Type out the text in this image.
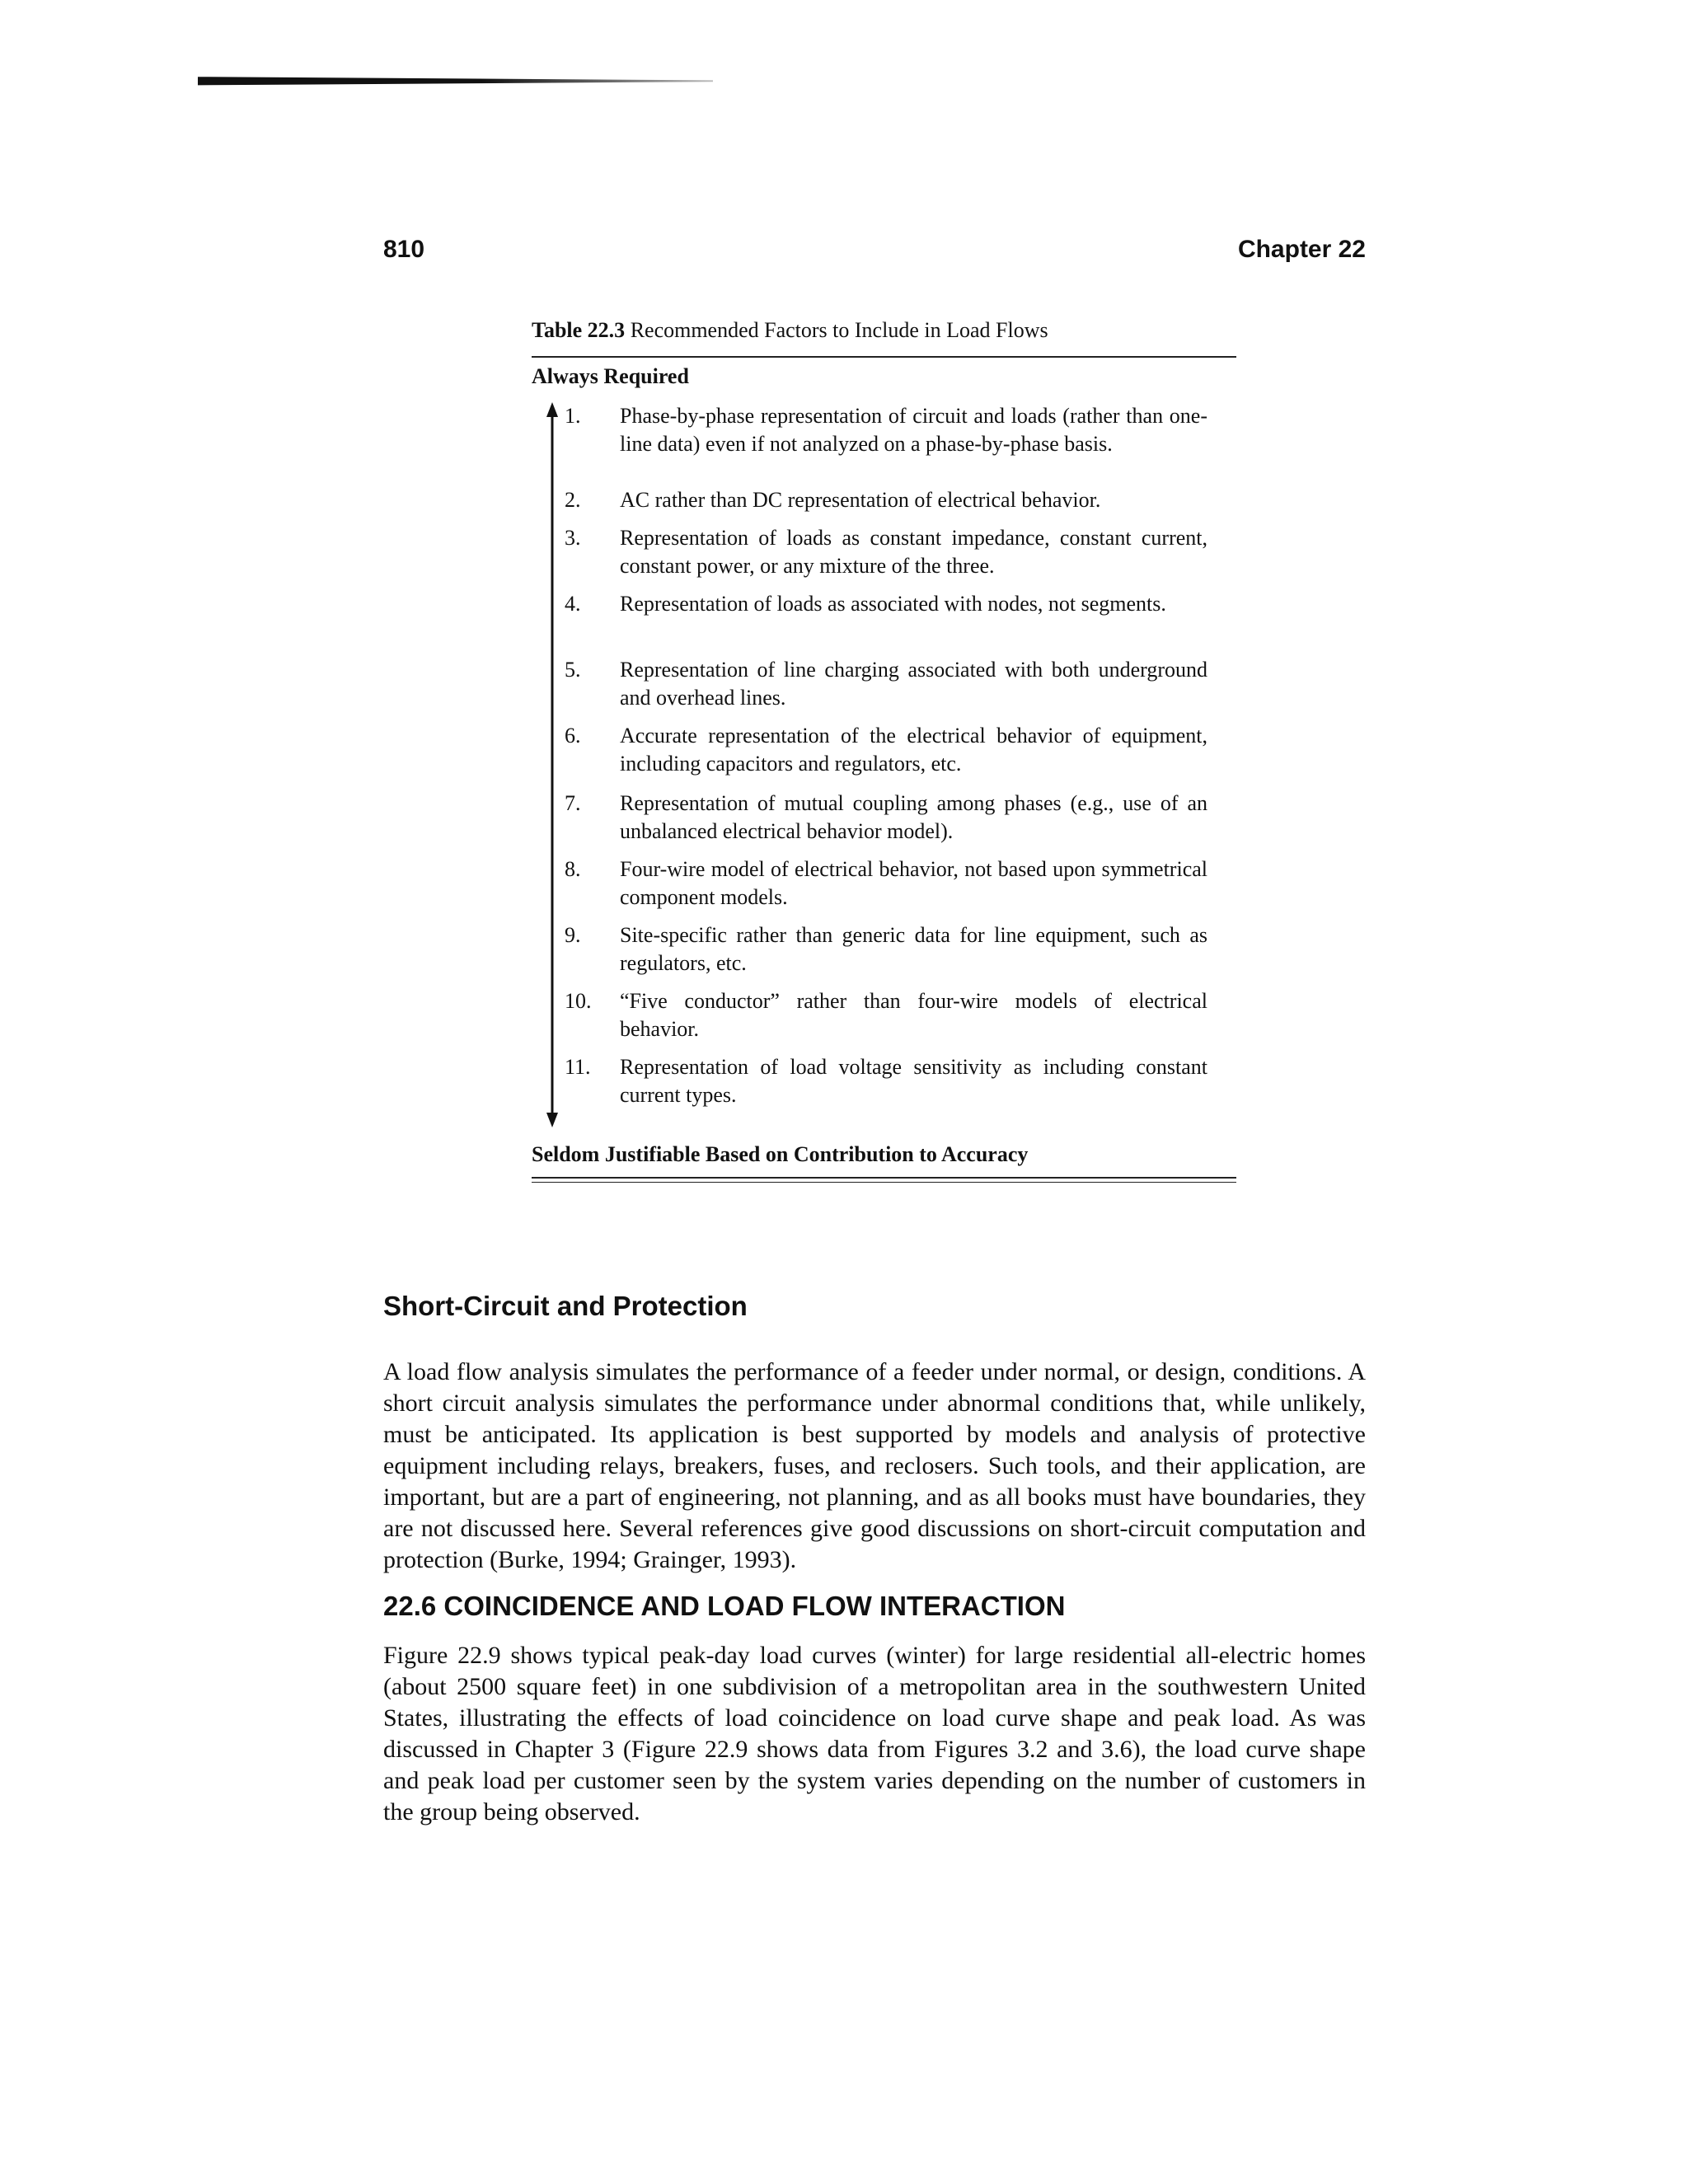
810	Chapter 22
Table 22.3 Recommended Factors to Include in Load Flows
Always Required
1.	Phase-by-phase representation of circuit and loads (rather than one-line data) even if not analyzed on a phase-by-phase basis.
2.	AC rather than DC representation of electrical behavior.
3.	Representation of loads as constant impedance, constant current, constant power, or any mixture of the three.
4.	Representation of loads as associated with nodes, not segments.
5.	Representation of line charging associated with both underground and overhead lines.
6.	Accurate representation of the electrical behavior of equipment, including capacitors and regulators, etc.
7.	Representation of mutual coupling among phases (e.g., use of an unbalanced electrical behavior model).
8.	Four-wire model of electrical behavior, not based upon symmetrical component models.
9.	Site-specific rather than generic data for line equipment, such as regulators, etc.
10.	“Five conductor” rather than four-wire models of electrical behavior.
11.	Representation of load voltage sensitivity as including constant current types.
Seldom Justifiable Based on Contribution to Accuracy
Short-Circuit and Protection
A load flow analysis simulates the performance of a feeder under normal, or design, conditions. A short circuit analysis simulates the performance under abnormal conditions that, while unlikely, must be anticipated. Its application is best supported by models and analysis of protective equipment including relays, breakers, fuses, and reclosers. Such tools, and their application, are important, but are a part of engineering, not planning, and as all books must have boundaries, they are not discussed here. Several references give good discussions on short-circuit computation and protection (Burke, 1994; Grainger, 1993).
22.6 COINCIDENCE AND LOAD FLOW INTERACTION
Figure 22.9 shows typical peak-day load curves (winter) for large residential all-electric homes (about 2500 square feet) in one subdivision of a metropolitan area in the southwestern United States, illustrating the effects of load coincidence on load curve shape and peak load. As was discussed in Chapter 3 (Figure 22.9 shows data from Figures 3.2 and 3.6), the load curve shape and peak load per customer seen by the system varies depending on the number of customers in the group being observed.
